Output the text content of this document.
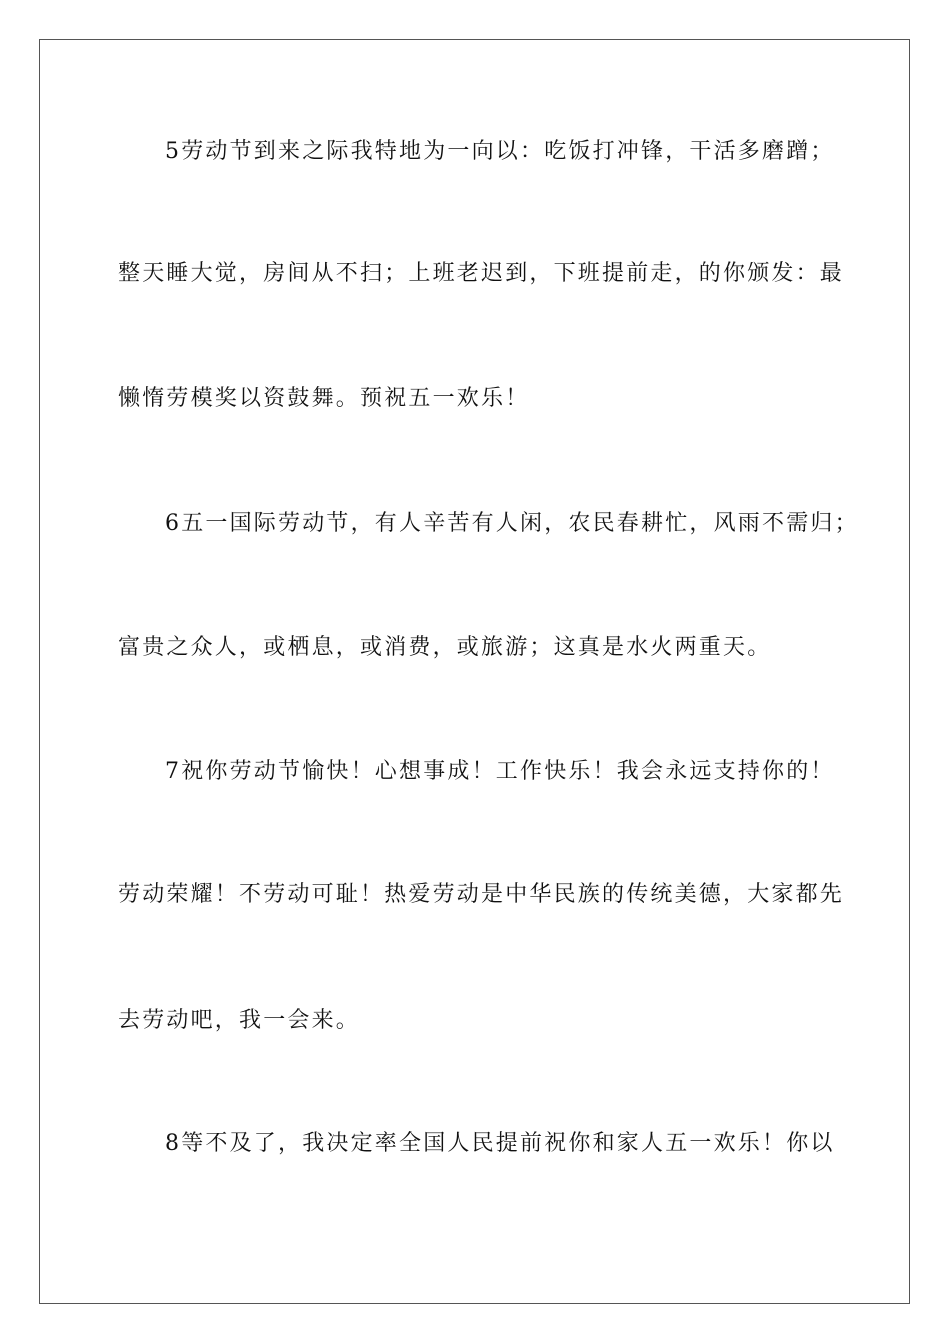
5劳动节到来之际我特地为一向以：吃饭打冲锋，干活多磨蹭；
整天睡大觉，房间从不扫；上班老迟到，下班提前走，的你颁发：最
懒惰劳模奖以资鼓舞。预祝五一欢乐！
6五一国际劳动节，有人辛苦有人闲，农民春耕忙，风雨不需归；
富贵之众人，或栖息，或消费，或旅游；这真是水火两重天。
7祝你劳动节愉快！心想事成！工作快乐！我会永远支持你的！
劳动荣耀！不劳动可耻！热爱劳动是中华民族的传统美德，大家都先
去劳动吧，我一会来。
8等不及了，我决定率全国人民提前祝你和家人五一欢乐！你以
